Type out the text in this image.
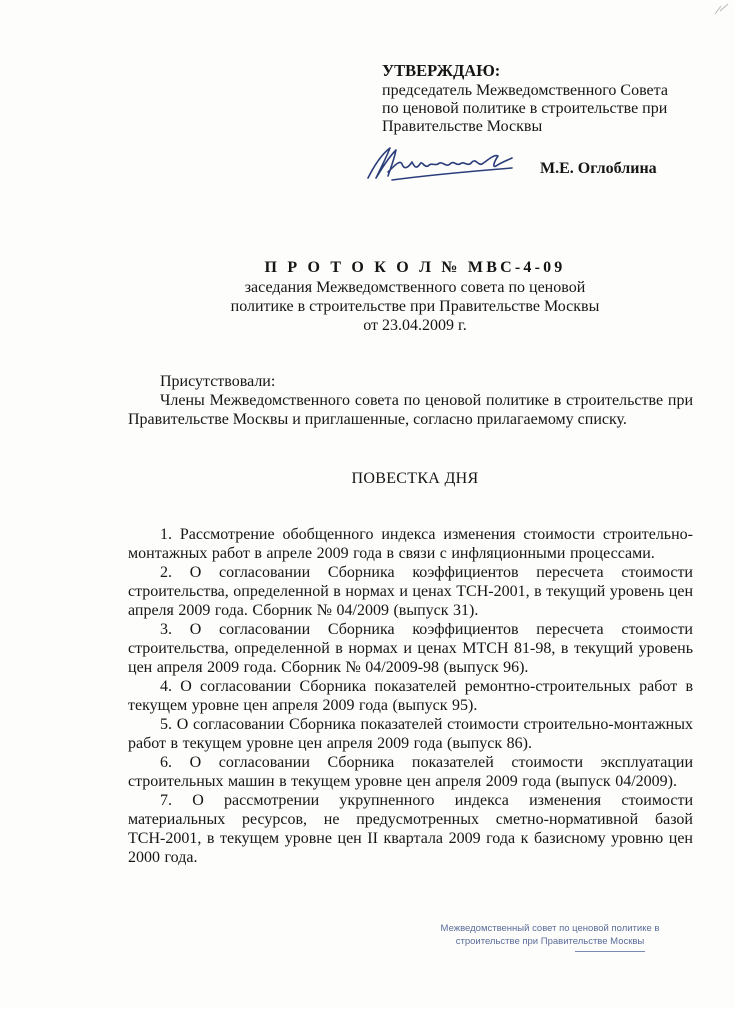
УТВЕРЖДАЮ:
председатель Межведомственного Совета
по ценовой политике в строительстве при
Правительстве Москвы
М.Е. Оглоблина
П Р О Т О К О Л № МВС-4-09
заседания Межведомственного совета по ценовой
политике в строительстве при Правительстве Москвы
от 23.04.2009 г.
Присутствовали:
Члены Межведомственного совета по ценовой политике в строительстве при Правительстве Москвы и приглашенные, согласно прилагаемому списку.
ПОВЕСТКА ДНЯ

1. Рассмотрение обобщенного индекса изменения стоимости строительно-монтажных работ в апреле 2009 года в связи с инфляционными процессами.

2. О согласовании Сборника коэффициентов пересчета стоимости строительства, определенной в нормах и ценах ТСН-2001, в текущий уровень цен апреля 2009 года. Сборник № 04/2009 (выпуск 31).

3. О согласовании Сборника коэффициентов пересчета стоимости строительства, определенной в нормах и ценах МТСН 81-98, в текущий уровень цен апреля 2009 года. Сборник № 04/2009-98 (выпуск 96).

4. О согласовании Сборника показателей ремонтно-строительных работ в текущем уровне цен апреля 2009 года (выпуск 95).

5. О согласовании Сборника показателей стоимости строительно-монтажных работ в текущем уровне цен апреля 2009 года (выпуск 86).

6. О согласовании Сборника показателей стоимости эксплуатации строительных машин в текущем уровне цен апреля 2009 года (выпуск 04/2009).

7. О рассмотрении укрупненного индекса изменения стоимости материальных ресурсов, не предусмотренных сметно-нормативной базой ТСН-2001, в текущем уровне цен II квартала 2009 года к базисному уровню цен 2000 года.

Межведомственный совет по ценовой политике в
строительстве при Правительстве Москвы
